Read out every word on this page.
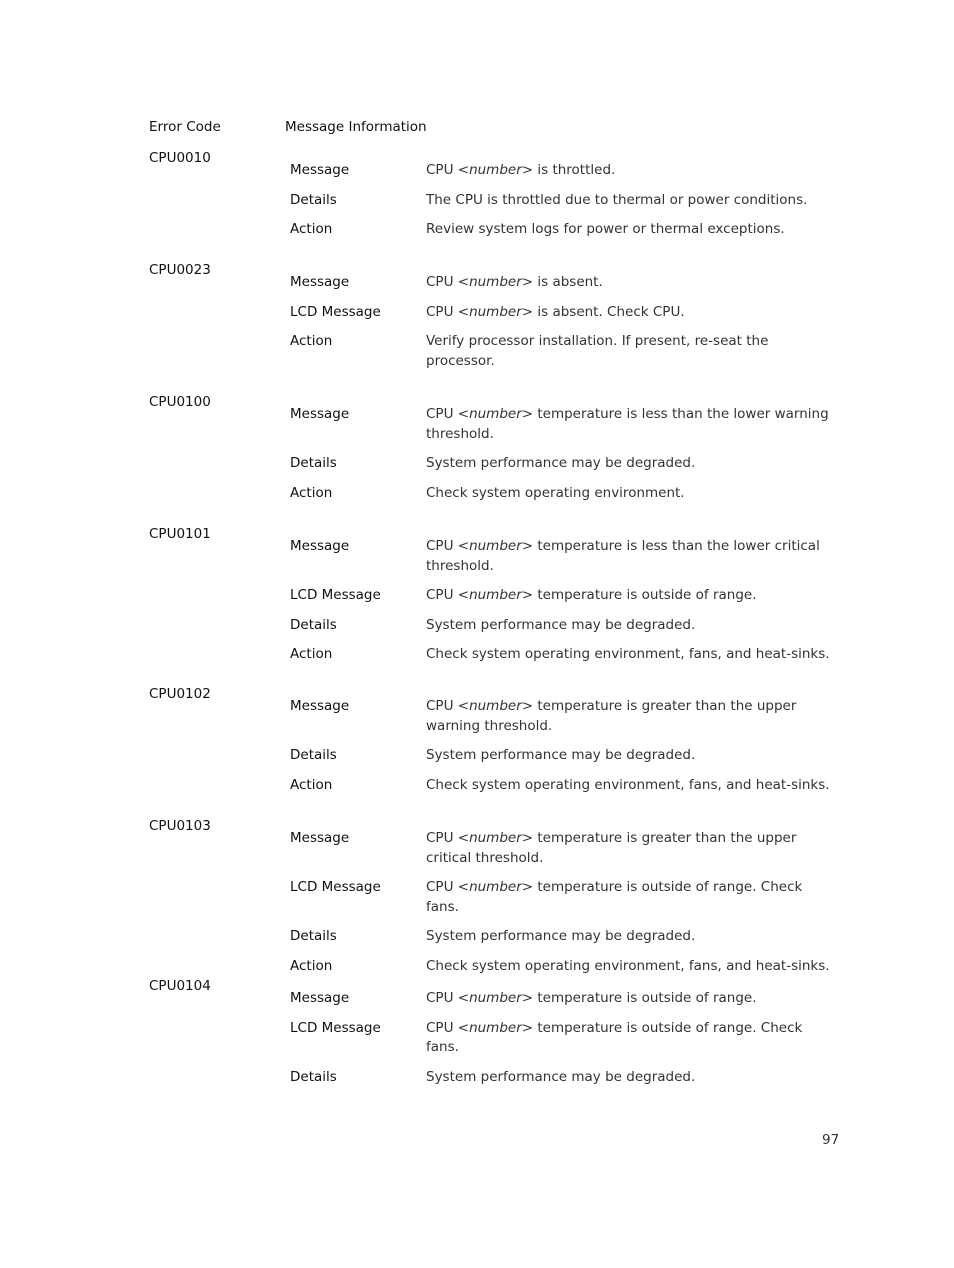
Error Code	Message Information
CPU0010
Message	CPU <number> is throttled.
Details	The CPU is throttled due to thermal or power conditions.
Action	Review system logs for power or thermal exceptions.
CPU0023
Message	CPU <number> is absent.
LCD Message	CPU <number> is absent. Check CPU.
Action	Verify processor installation. If present, re-seat the processor.
CPU0100
Message	CPU <number> temperature is less than the lower warning threshold.
Details	System performance may be degraded.
Action	Check system operating environment.
CPU0101
Message	CPU <number> temperature is less than the lower critical threshold.
LCD Message	CPU <number> temperature is outside of range.
Details	System performance may be degraded.
Action	Check system operating environment, fans, and heat-sinks.
CPU0102
Message	CPU <number> temperature is greater than the upper warning threshold.
Details	System performance may be degraded.
Action	Check system operating environment, fans, and heat-sinks.
CPU0103
Message	CPU <number> temperature is greater than the upper critical threshold.
LCD Message	CPU <number> temperature is outside of range. Check fans.
Details	System performance may be degraded.
Action	Check system operating environment, fans, and heat-sinks.
CPU0104
Message	CPU <number> temperature is outside of range.
LCD Message	CPU <number> temperature is outside of range. Check fans.
Details	System performance may be degraded.
97
